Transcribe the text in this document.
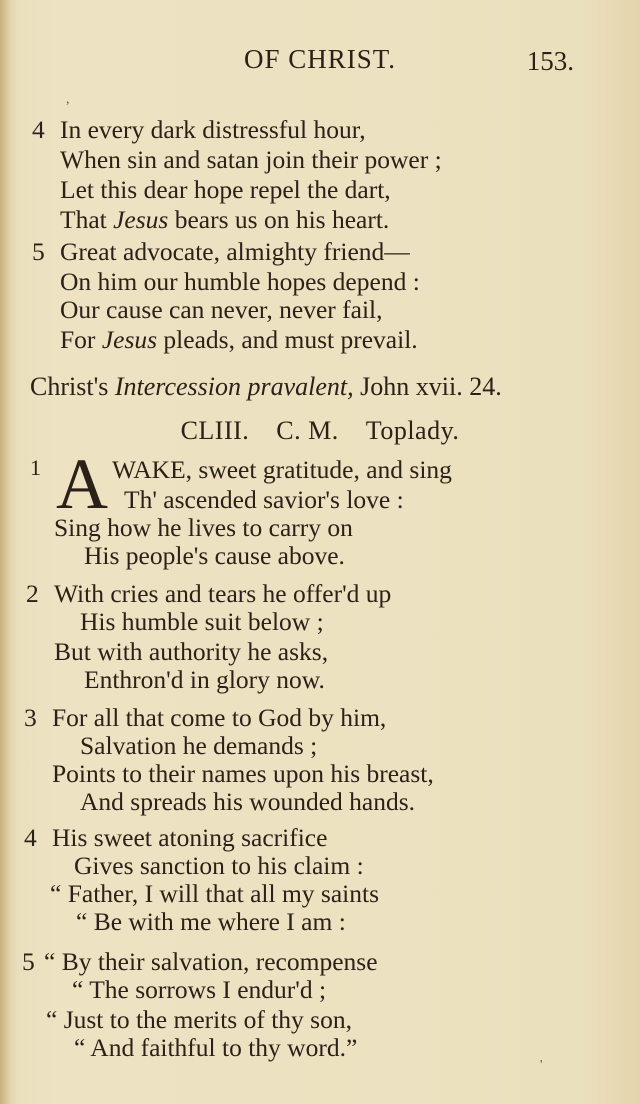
OF CHRIST.	153.
4 In every dark distressful hour,
When sin and satan join their power ;
Let this dear hope repel the dart,
That Jesus bears us on his heart.
5 Great advocate, almighty friend—
On him our humble hopes depend :
Our cause can never, never fail,
For Jesus pleads, and must prevail.
Christ's Intercession pravalent, John xvii. 24.
CLIII. C. M. Toplady.
1 A WAKE, sweet gratitude, and sing
Th' ascended savior's love :
Sing how he lives to carry on
His people's cause above.
2 With cries and tears he offer'd up
His humble suit below ;
But with authority he asks,
Enthron'd in glory now.
3 For all that come to God by him,
Salvation he demands ;
Points to their names upon his breast,
And spreads his wounded hands.
4 His sweet atoning sacrifice
Gives sanction to his claim :
“ Father, I will that all my saints
“ Be with me where I am :
5 “ By their salvation, recompense
“ The sorrows I endur'd ;
“ Just to the merits of thy son,
“ And faithful to thy word.”
,
'
